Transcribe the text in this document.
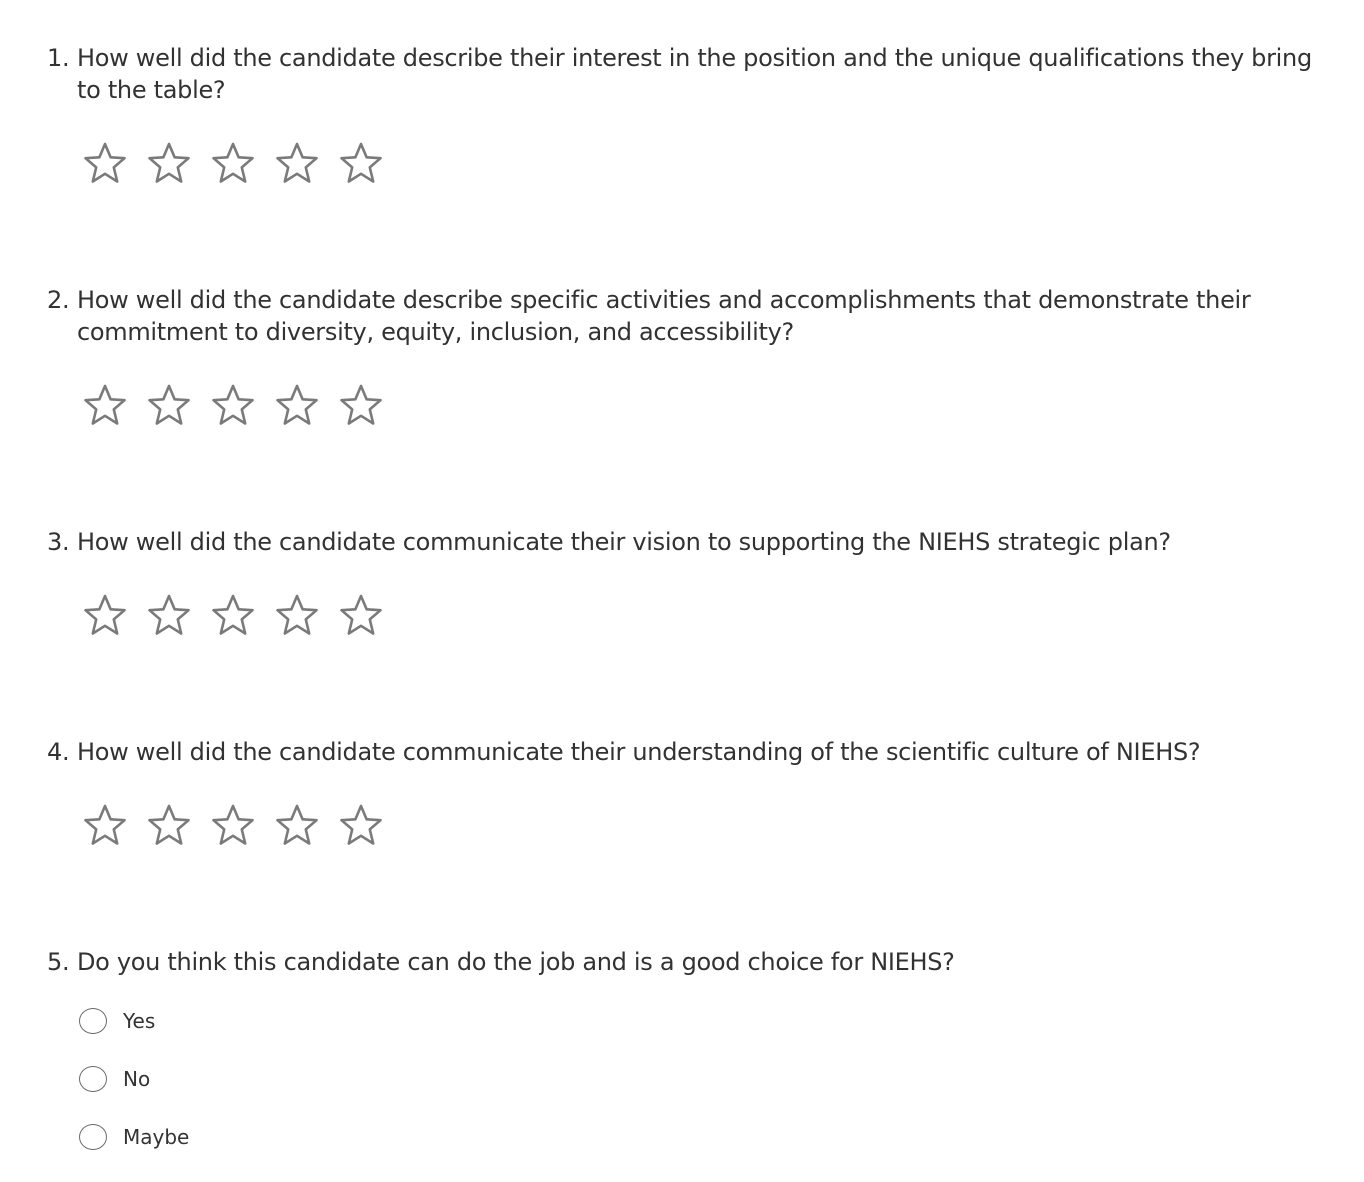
1. How well did the candidate describe their interest in the position and the unique qualifications they bring to the table?
2. How well did the candidate describe specific activities and accomplishments that demonstrate their commitment to diversity, equity, inclusion, and accessibility?
3. How well did the candidate communicate their vision to supporting the NIEHS strategic plan?
4. How well did the candidate communicate their understanding of the scientific culture of NIEHS?
5. Do you think this candidate can do the job and is a good choice for NIEHS?
Yes
No
Maybe
